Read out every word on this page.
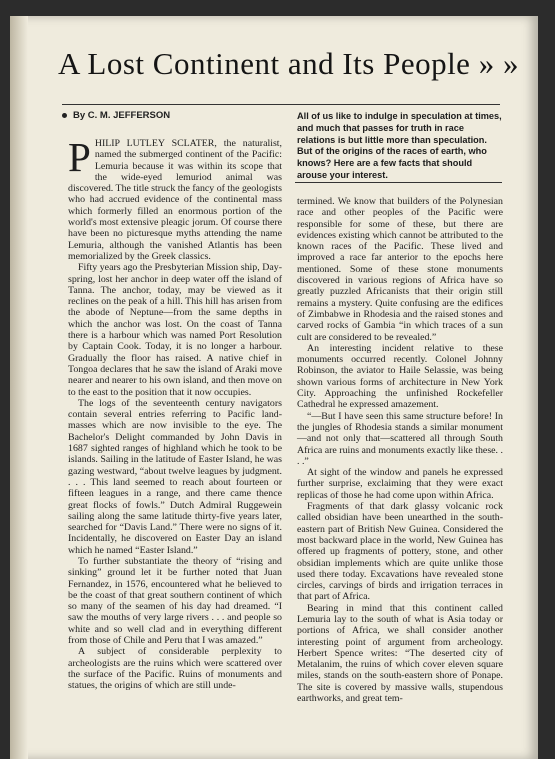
A Lost Continent and Its People » »
By C. M. JEFFERSON	All of us like to indulge in speculation at times, and much that passes for truth in race relations is but little more than speculation. But of the origins of the races of earth, who knows? Here are a few facts that should arouse your interest.

PHILIP LUTLEY SCLATER, the naturalist, named the submerged continent of the Pacific: Lemuria because it was within its scope that the wide-eyed lemuriod animal was discovered. The title struck the fancy of the geologists who had accrued evidence of the continental mass which formerly filled an enormous portion of the world's most extensive pleagic jorum. Of course there have been no picturesque myths attending the name Lemuria, although the vanished Atlantis has been memorialized by the Greek classics.

Fifty years ago the Presbyterian Mission ship, Day-spring, lost her anchor in deep water off the island of Tanna. The anchor, today, may be viewed as it reclines on the peak of a hill. This hill has arisen from the abode of Neptune—from the same depths in which the anchor was lost. On the coast of Tanna there is a harbour which was named Port Resolution by Captain Cook. Today, it is no longer a harbour. Gradually the floor has raised. A native chief in Tongoa declares that he saw the island of Araki move nearer and nearer to his own island, and then move on to the east to the position that it now occupies.

The logs of the seventeenth century navigators contain several entries referring to Pacific land-masses which are now invisible to the eye. The Bachelor's Delight commanded by John Davis in 1687 sighted ranges of highland which he took to be islands. Sailing in the latitude of Easter Island, he was gazing westward, “about twelve leagues by judgment. . . . This land seemed to reach about fourteen or fifteen leagues in a range, and there came thence great flocks of fowls.” Dutch Admiral Ruggewein sailing along the same latitude thirty-five years later, searched for “Davis Land.” There were no signs of it. Incidentally, he discovered on Easter Day an island which he named “Easter Island.”

To further substantiate the theory of “rising and sinking” ground let it be further noted that Juan Fernandez, in 1576, encountered what he believed to be the coast of that great southern continent of which so many of the seamen of his day had dreamed. “I saw the mouths of very large rivers . . . and people so white and so well clad and in everything different from those of Chile and Peru that I was amazed.”

A subject of considerable perplexity to archeologists are the ruins which were scattered over the surface of the Pacific. Ruins of monuments and statues, the origins of which are still unde-

termined. We know that builders of the Polynesian race and other peoples of the Pacific were responsible for some of these, but there are evidences existing which cannot be attributed to the known races of the Pacific. These lived and improved a race far anterior to the epochs here mentioned. Some of these stone monuments discovered in various regions of Africa have so greatly puzzled Africanists that their origin still remains a mystery. Quite confusing are the edifices of Zimbabwe in Rhodesia and the raised stones and carved rocks of Gambia “in which traces of a sun cult are considered to be revealed.”

An interesting incident relative to these monuments occurred recently. Colonel Johnny Robinson, the aviator to Haile Selassie, was being shown various forms of architecture in New York City. Approaching the unfinished Rockefeller Cathedral he expressed amazement.

“—But I have seen this same structure before! In the jungles of Rhodesia stands a similar monument—and not only that—scattered all through South Africa are ruins and monuments exactly like these. . . .”

At sight of the window and panels he expressed further surprise, exclaiming that they were exact replicas of those he had come upon within Africa.

Fragments of that dark glassy volcanic rock called obsidian have been unearthed in the south-eastern part of British New Guinea. Considered the most backward place in the world, New Guinea has offered up fragments of pottery, stone, and other obsidian implements which are quite unlike those used there today. Excavations have revealed stone circles, carvings of birds and irrigation terraces in that part of Africa.

Bearing in mind that this continent called Lemuria lay to the south of what is Asia today or portions of Africa, we shall consider another interesting point of argument from archeology. Herbert Spence writes: “The deserted city of Metalanim, the ruins of which cover eleven square miles, stands on the south-eastern shore of Ponape. The site is covered by massive walls, stupendous earthworks, and great tem-
